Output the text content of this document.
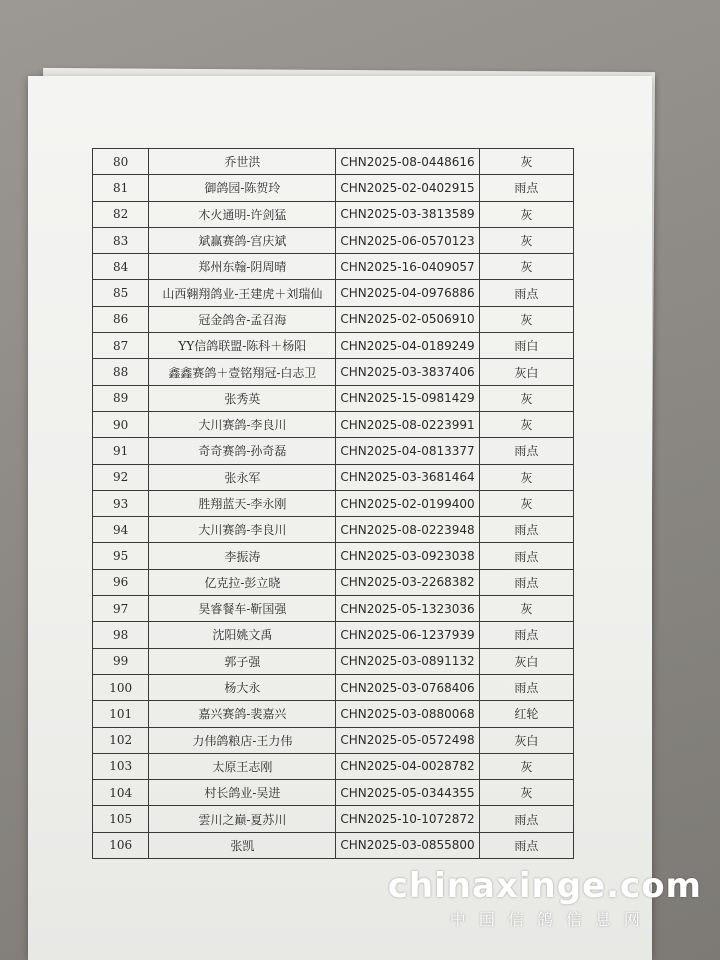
80	乔世洪	CHN2025-08-0448616	灰
81	御鸽园-陈贺玲	CHN2025-02-0402915	雨点
82	木火通明-许剑猛	CHN2025-03-3813589	灰
83	斌赢赛鸽-宫庆斌	CHN2025-06-0570123	灰
84	郑州东翰-阴周晴	CHN2025-16-0409057	灰
85	山西翱翔鸽业-王建虎＋刘瑞仙	CHN2025-04-0976886	雨点
86	冠金鸽舍-孟召海	CHN2025-02-0506910	灰
87	YY信鸽联盟-陈科＋杨阳	CHN2025-04-0189249	雨白
88	鑫鑫赛鸽＋壹铭翔冠-白志卫	CHN2025-03-3837406	灰白
89	张秀英	CHN2025-15-0981429	灰
90	大川赛鸽-李良川	CHN2025-08-0223991	灰
91	奇奇赛鸽-孙奇磊	CHN2025-04-0813377	雨点
92	张永军	CHN2025-03-3681464	灰
93	胜翔蓝天-李永刚	CHN2025-02-0199400	灰
94	大川赛鸽-李良川	CHN2025-08-0223948	雨点
95	李振涛	CHN2025-03-0923038	雨点
96	亿克拉-彭立晓	CHN2025-03-2268382	雨点
97	昊睿餐车-靳国强	CHN2025-05-1323036	灰
98	沈阳姚文禹	CHN2025-06-1237939	雨点
99	郭子强	CHN2025-03-0891132	灰白
100	杨大永	CHN2025-03-0768406	雨点
101	嘉兴赛鸽-裴嘉兴	CHN2025-03-0880068	红轮
102	力伟鸽粮店-王力伟	CHN2025-05-0572498	灰白
103	太原王志刚	CHN2025-04-0028782	灰
104	村长鸽业-吴进	CHN2025-05-0344355	灰
105	雲川之巅-夏苏川	CHN2025-10-1072872	雨点
106	张凯	CHN2025-03-0855800	雨点
chinaxinge.com
中国信鸽信息网
